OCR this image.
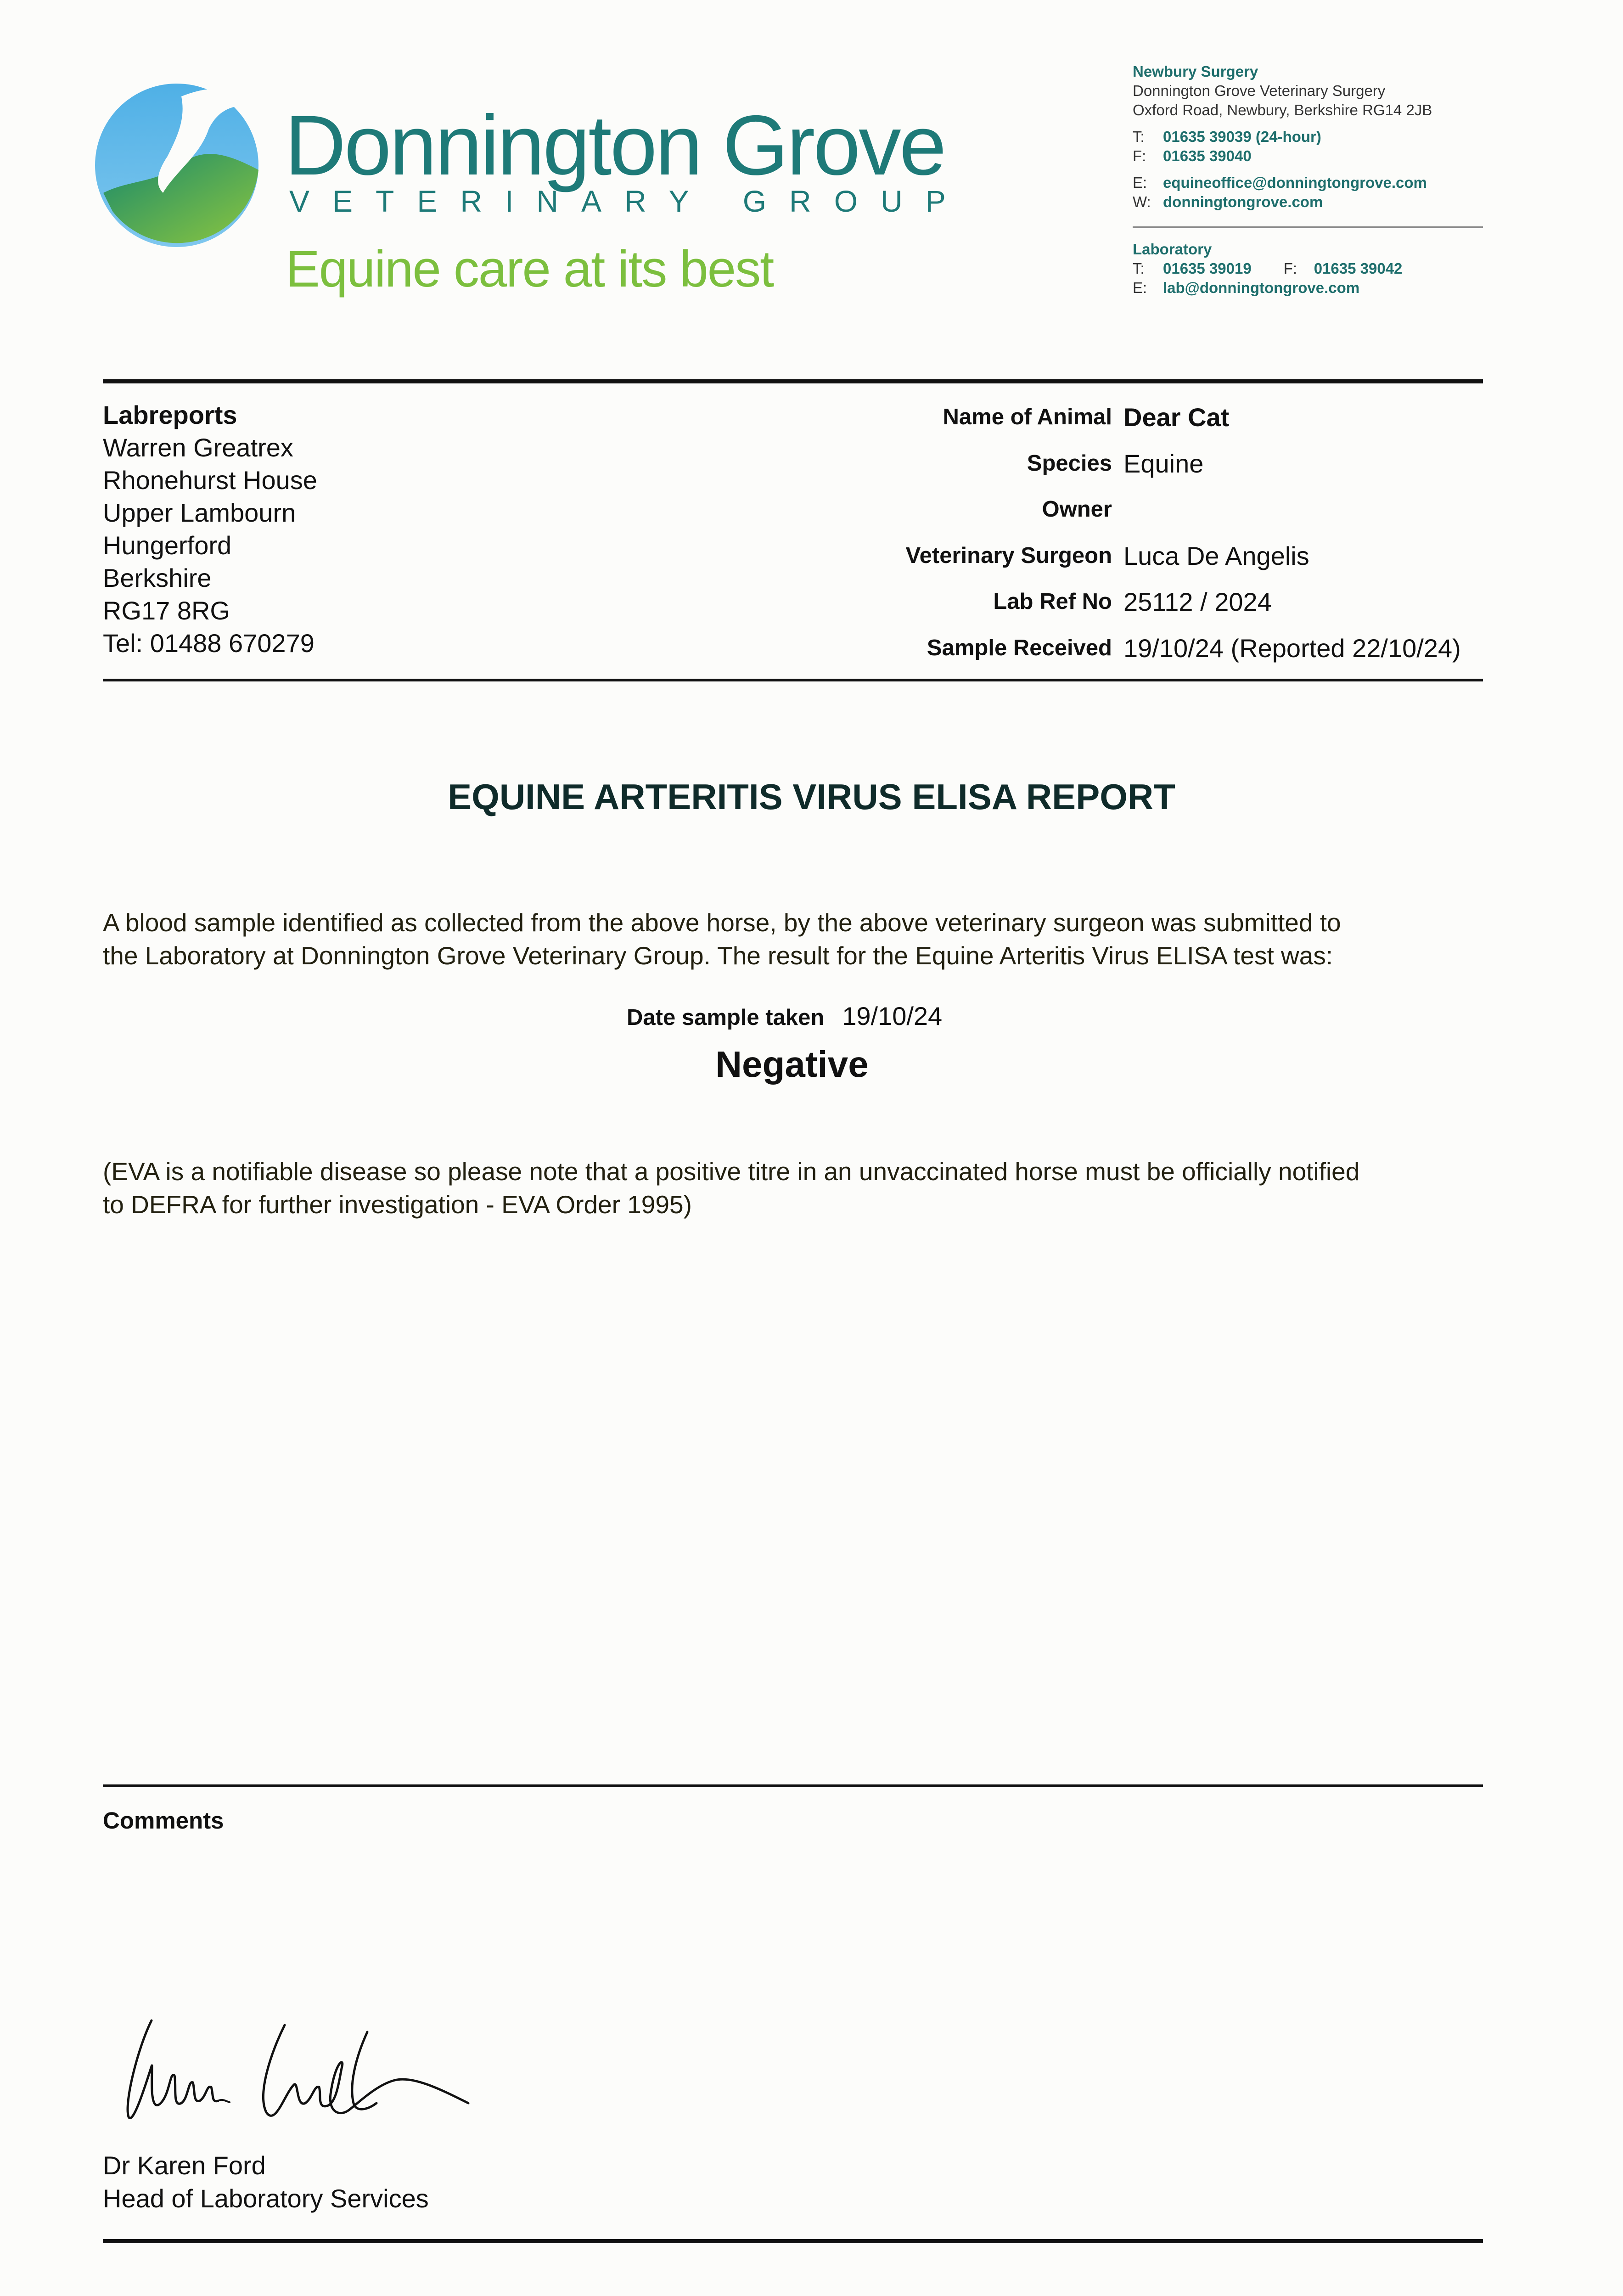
Donnington Grove
VETERINARY GROUP
Equine care at its best
Newbury Surgery
Donnington Grove Veterinary Surgery
Oxford Road, Newbury, Berkshire RG14 2JB
T: 01635 39039 (24-hour)
F: 01635 39040
E: equineoffice@donningtongrove.com
W: donningtongrove.com
Laboratory
T: 01635 39019 F: 01635 39042
E: lab@donningtongrove.com
Labreports
Warren Greatrex
Rhonehurst House
Upper Lambourn
Hungerford
Berkshire
RG17 8RG
Tel: 01488 670279
Name of Animal Dear Cat
Species Equine
Owner
Veterinary Surgeon Luca De Angelis
Lab Ref No 25112 / 2024
Sample Received 19/10/24 (Reported 22/10/24)
EQUINE ARTERITIS VIRUS ELISA REPORT
A blood sample identified as collected from the above horse, by the above veterinary surgeon was submitted to
the Laboratory at Donnington Grove Veterinary Group. The result for the Equine Arteritis Virus ELISA test was:
Date sample taken 19/10/24
Negative
(EVA is a notifiable disease so please note that a positive titre in an unvaccinated horse must be officially notified
to DEFRA for further investigation - EVA Order 1995)
Comments
Dr Karen Ford
Head of Laboratory Services
